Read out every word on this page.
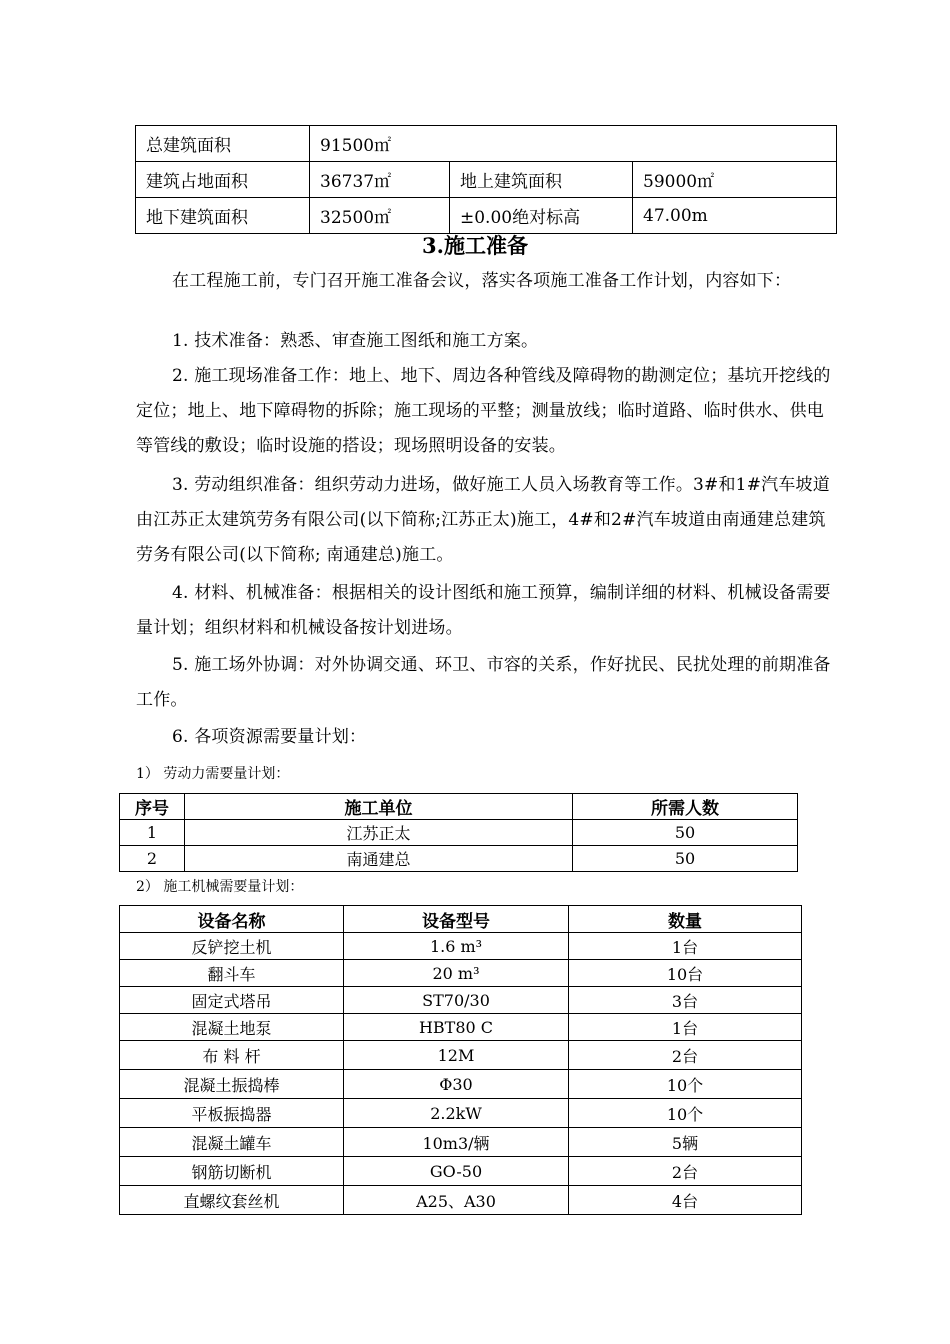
总建筑面积	91500㎡		
建筑占地面积	36737㎡	地上建筑面积	59000㎡
地下建筑面积	32500㎡	±0.00绝对标高	47.00m
3.施工准备
在工程施工前，专门召开施工准备会议，落实各项施工准备工作计划，内容如下：
1. 技术准备：熟悉、审查施工图纸和施工方案。
2. 施工现场准备工作：地上、地下、周边各种管线及障碍物的勘测定位；基坑开挖线的定位；地上、地下障碍物的拆除；施工现场的平整；测量放线；临时道路、临时供水、供电等管线的敷设；临时设施的搭设；现场照明设备的安装。
3. 劳动组织准备：组织劳动力进场，做好施工人员入场教育等工作。3#和1#汽车坡道由江苏正太建筑劳务有限公司(以下简称;江苏正太)施工，4#和2#汽车坡道由南通建总建筑劳务有限公司(以下简称; 南通建总)施工。
4. 材料、机械准备：根据相关的设计图纸和施工预算，编制详细的材料、机械设备需要量计划；组织材料和机械设备按计划进场。
5. 施工场外协调：对外协调交通、环卫、市容的关系，作好扰民、民扰处理的前期准备工作。
6. 各项资源需要量计划：
1） 劳动力需要量计划：
序号	施工单位	所需人数
1	江苏正太	50
2	南通建总	50
2） 施工机械需要量计划：
设备名称	设备型号	数量
反铲挖土机	1.6 m³	1台
翻斗车	20 m³	10台
固定式塔吊	ST70/30	3台
混凝土地泵	HBT80 C	1台
布 料 杆	12M	2台
混凝土振捣棒	Φ30	10个
平板振捣器	2.2kW	10个
混凝土罐车	10m3/辆	5辆
钢筋切断机	GO-50	2台
直螺纹套丝机	A25、A30	4台
